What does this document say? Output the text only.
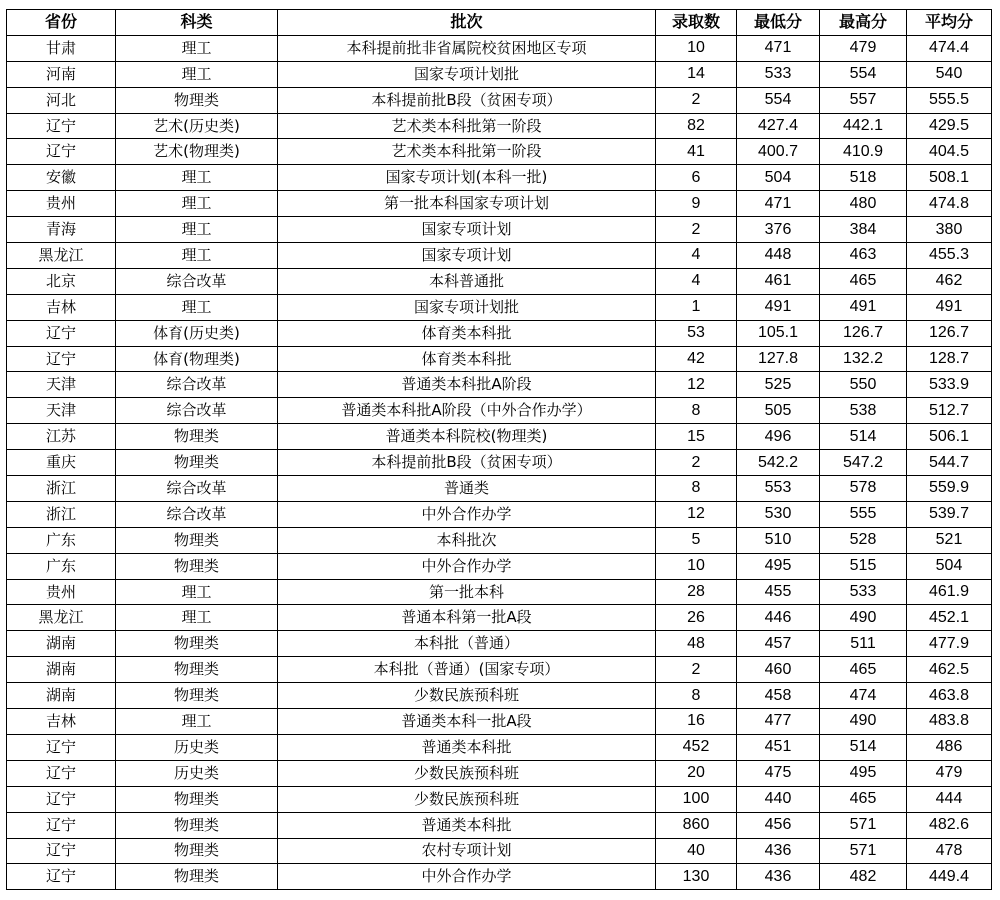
省份	科类	批次	录取数	最低分	最高分	平均分
甘肃	理工	本科提前批非省属院校贫困地区专项	10	471	479	474.4
河南	理工	国家专项计划批	14	533	554	540
河北	物理类	本科提前批B段（贫困专项）	2	554	557	555.5
辽宁	艺术(历史类)	艺术类本科批第一阶段	82	427.4	442.1	429.5
辽宁	艺术(物理类)	艺术类本科批第一阶段	41	400.7	410.9	404.5
安徽	理工	国家专项计划(本科一批)	6	504	518	508.1
贵州	理工	第一批本科国家专项计划	9	471	480	474.8
青海	理工	国家专项计划	2	376	384	380
黑龙江	理工	国家专项计划	4	448	463	455.3
北京	综合改革	本科普通批	4	461	465	462
吉林	理工	国家专项计划批	1	491	491	491
辽宁	体育(历史类)	体育类本科批	53	105.1	126.7	126.7
辽宁	体育(物理类)	体育类本科批	42	127.8	132.2	128.7
天津	综合改革	普通类本科批A阶段	12	525	550	533.9
天津	综合改革	普通类本科批A阶段（中外合作办学）	8	505	538	512.7
江苏	物理类	普通类本科院校(物理类)	15	496	514	506.1
重庆	物理类	本科提前批B段（贫困专项）	2	542.2	547.2	544.7
浙江	综合改革	普通类	8	553	578	559.9
浙江	综合改革	中外合作办学	12	530	555	539.7
广东	物理类	本科批次	5	510	528	521
广东	物理类	中外合作办学	10	495	515	504
贵州	理工	第一批本科	28	455	533	461.9
黑龙江	理工	普通本科第一批A段	26	446	490	452.1
湖南	物理类	本科批（普通）	48	457	511	477.9
湖南	物理类	本科批（普通）(国家专项）	2	460	465	462.5
湖南	物理类	少数民族预科班	8	458	474	463.8
吉林	理工	普通类本科一批A段	16	477	490	483.8
辽宁	历史类	普通类本科批	452	451	514	486
辽宁	历史类	少数民族预科班	20	475	495	479
辽宁	物理类	少数民族预科班	100	440	465	444
辽宁	物理类	普通类本科批	860	456	571	482.6
辽宁	物理类	农村专项计划	40	436	571	478
辽宁	物理类	中外合作办学	130	436	482	449.4
